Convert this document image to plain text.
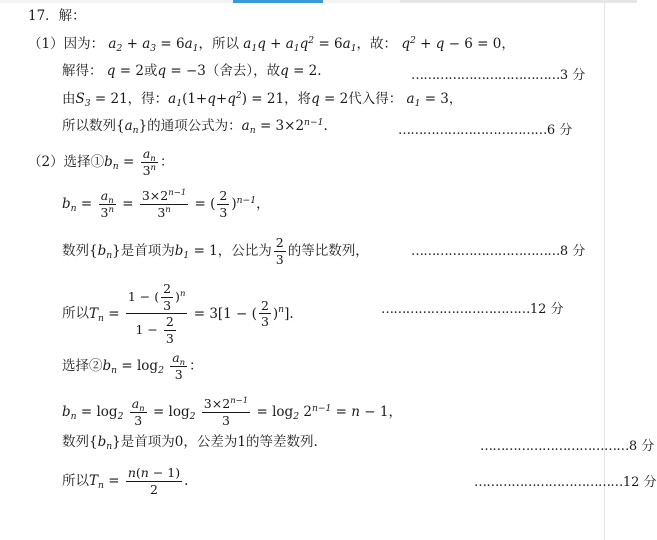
17．解：
（1）因为： $a_2 + a_3 = 6a_1$，所以 $a_1q + a_1q^2 = 6a_1$，故： $q^2 + q - 6 = 0$，
解得： q = 2或q = −3（舍去），故q = 2.	………………………………3 分
由$S_3 = 21$，得：$a_1(1+q+q^2) = 21$，将q = 2代入得： $a_1 = 3$，
所以数列$\{a_n\}$的通项公式为：$a_n = 3\times 2^{n-1}$.	………………………………6 分
（2）选择$①b_n = \frac{a_n}{3^n}$ ：
$b_n = \frac{a_n}{3^n} = \frac{3\times 2^{n-1}}{3^n}$ = ( $\frac{2}{3} )^{n-1}$，
数列$\{b_n\}$是首项为$b_1 = 1$，公比为 $\frac{2}{3}$ 的等比数列，	………………………………8 分
所以$T_n = \frac{1 - ( \frac{2}{3} )^n}{1 - \frac{2}{3}} = 3[1$ − ( $\frac{2}{3} )^n$].	………………………………12 分
选择$②b_n = \log_2 \frac{a_n}{3}$ ：
$b_n = \log_2 \frac{a_n}{3} = \log_2 \frac{3\times 2^{n-1}}{3} = \log_2 2^{n-1} = n - 1$，
数列$\{b_n\}$是首项为0，公差为1的等差数列.	………………………………8 分
所以$T_n = \frac{n(n - 1)}{2}$ .	………………………………12 分
